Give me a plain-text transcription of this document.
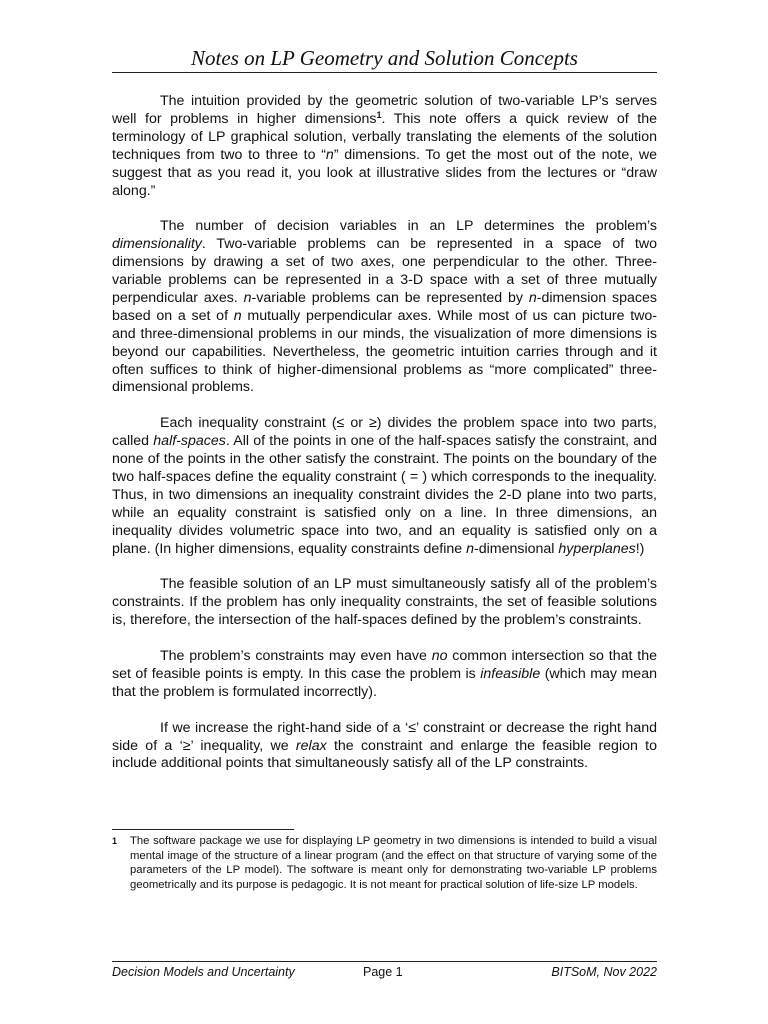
Notes on LP Geometry and Solution Concepts

The intuition provided by the geometric solution of two-variable LP’s serves well for problems in higher dimensions$^1$. This note offers a quick review of the terminology of LP graphical solution, verbally translating the elements of the solution techniques from two to three to “n” dimensions. To get the most out of the note, we suggest that as you read it, you look at illustrative slides from the lectures or “draw along.”

The number of decision variables in an LP determines the problem’s dimensionality. Two-variable problems can be represented in a space of two dimensions by drawing a set of two axes, one perpendicular to the other. Three-variable problems can be represented in a 3-D space with a set of three mutually perpendicular axes. n-variable problems can be represented by n-dimension spaces based on a set of n mutually perpendicular axes. While most of us can picture two- and three-dimensional problems in our minds, the visualization of more dimensions is beyond our capabilities. Nevertheless, the geometric intuition carries through and it often suffices to think of higher-dimensional problems as “more complicated” three-dimensional problems.

Each inequality constraint (≤ or ≥) divides the problem space into two parts, called half-spaces. All of the points in one of the half-spaces satisfy the constraint, and none of the points in the other satisfy the constraint. The points on the boundary of the two half-spaces define the equality constraint ( = ) which corresponds to the inequality. Thus, in two dimensions an inequality constraint divides the 2-D plane into two parts, while an equality constraint is satisfied only on a line. In three dimensions, an inequality divides volumetric space into two, and an equality is satisfied only on a plane. (In higher dimensions, equality constraints define n-dimensional hyperplanes!)

The feasible solution of an LP must simultaneously satisfy all of the problem’s constraints. If the problem has only inequality constraints, the set of feasible solutions is, therefore, the intersection of the half-spaces defined by the problem’s constraints.

The problem’s constraints may even have no common intersection so that the set of feasible points is empty. In this case the problem is infeasible (which may mean that the problem is formulated incorrectly).

If we increase the right-hand side of a ‘≤’ constraint or decrease the right hand side of a ‘≥’ inequality, we relax the constraint and enlarge the feasible region to include additional points that simultaneously satisfy all of the LP constraints.

1 The software package we use for displaying LP geometry in two dimensions is intended to build a visual mental image of the structure of a linear program (and the effect on that structure of varying some of the parameters of the LP model). The software is meant only for demonstrating two-variable LP problems geometrically and its purpose is pedagogic. It is not meant for practical solution of life-size LP models.
Decision Models and Uncertainty	Page 1	BITSoM, Nov 2022
